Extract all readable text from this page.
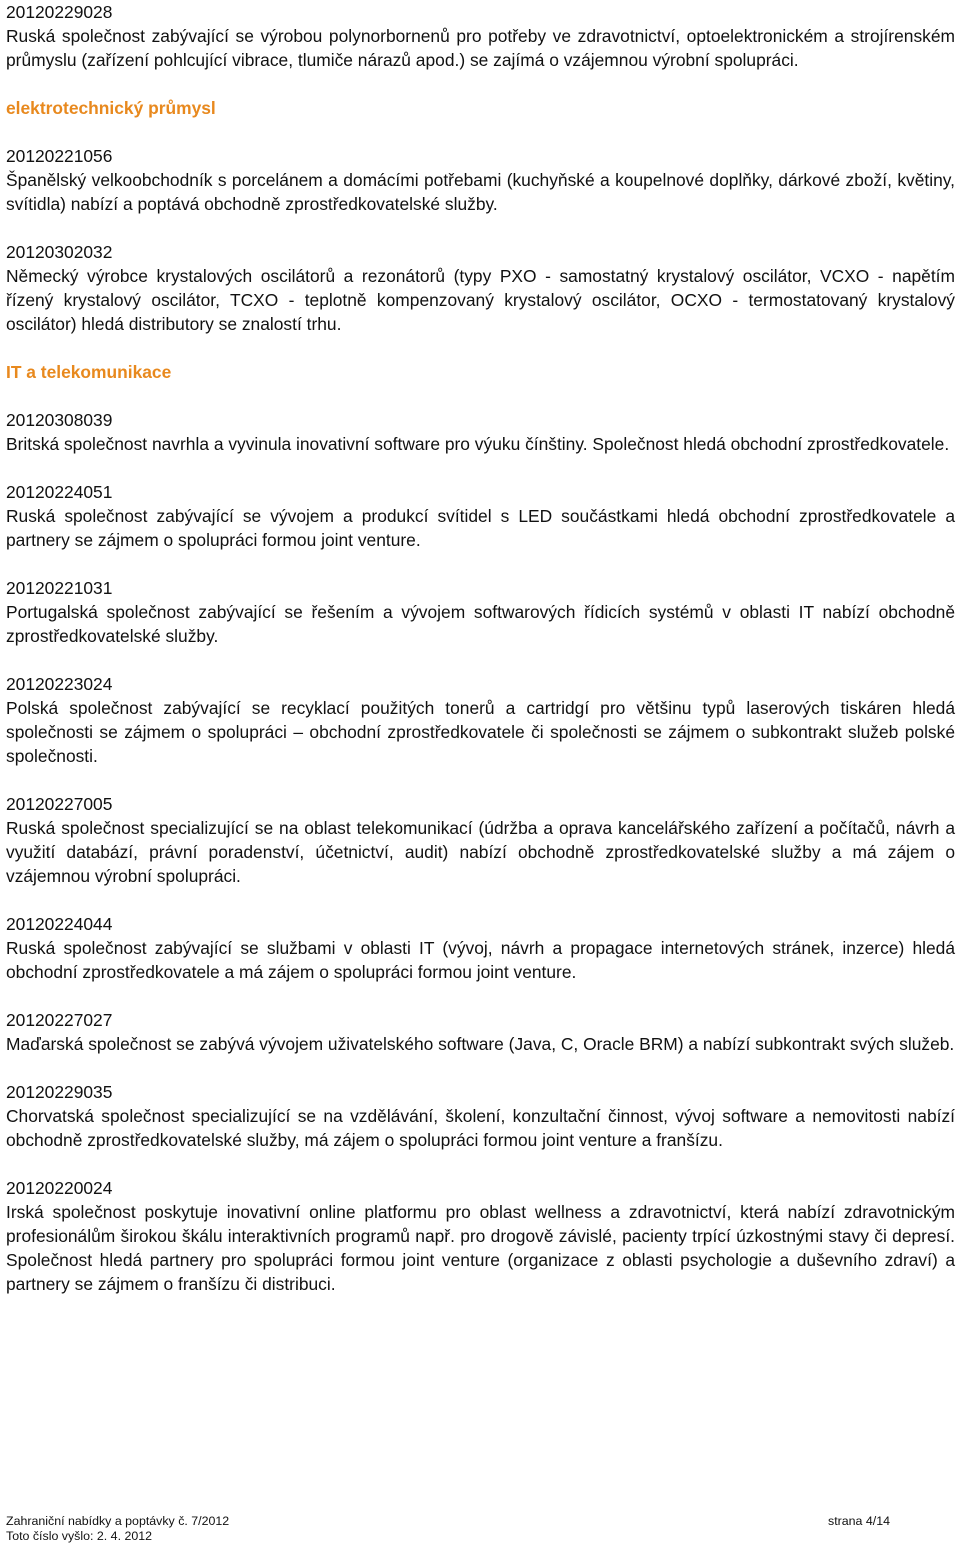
20120229028

Ruská společnost zabývající se výrobou polynorbornenů pro potřeby ve zdravotnictví, optoelektronickém a strojírenském průmyslu (zařízení pohlcující vibrace, tlumiče nárazů apod.) se zajímá o vzájemnou výrobní spolupráci.

elektrotechnický průmysl
20120221056

Španělský velkoobchodník s porcelánem a domácími potřebami (kuchyňské a koupelnové doplňky, dárkové zboží, květiny, svítidla) nabízí a poptává obchodně zprostředkovatelské služby.

20120302032

Německý výrobce krystalových oscilátorů a rezonátorů (typy PXO - samostatný krystalový oscilátor, VCXO - napětím řízený krystalový oscilátor, TCXO - teplotně kompenzovaný krystalový oscilátor, OCXO - termostatovaný krystalový oscilátor) hledá distributory se znalostí trhu.

IT a telekomunikace
20120308039

Britská společnost navrhla a vyvinula inovativní software pro výuku čínštiny. Společnost hledá obchodní zprostředkovatele.

20120224051

Ruská společnost zabývající se vývojem a produkcí svítidel s LED součástkami hledá obchodní zprostředkovatele a partnery se zájmem o spolupráci formou joint venture.

20120221031

Portugalská společnost zabývající se řešením a vývojem softwarových řídicích systémů v oblasti IT nabízí obchodně zprostředkovatelské služby.

20120223024

Polská společnost zabývající se recyklací použitých tonerů a cartridgí pro většinu typů laserových tiskáren hledá společnosti se zájmem o spolupráci – obchodní zprostředkovatele či společnosti se zájmem o subkontrakt služeb polské společnosti.

20120227005

Ruská společnost specializující se na oblast telekomunikací (údržba a oprava kancelářského zařízení a počítačů, návrh a využití databází, právní poradenství, účetnictví, audit) nabízí obchodně zprostředkovatelské služby a má zájem o vzájemnou výrobní spolupráci.

20120224044

Ruská společnost zabývající se službami v oblasti IT (vývoj, návrh a propagace internetových stránek, inzerce) hledá obchodní zprostředkovatele a má zájem o spolupráci formou joint venture.

20120227027

Maďarská společnost se zabývá vývojem uživatelského software (Java, C, Oracle BRM) a nabízí subkontrakt svých služeb.

20120229035

Chorvatská společnost specializující se na vzdělávání, školení, konzultační činnost, vývoj software a nemovitosti nabízí obchodně zprostředkovatelské služby, má zájem o spolupráci formou joint venture a franšízu.

20120220024

Irská společnost poskytuje inovativní online platformu pro oblast wellness a zdravotnictví, která nabízí zdravotnickým profesionálům širokou škálu interaktivních programů např. pro drogově závislé, pacienty trpící úzkostnými stavy či depresí. Společnost hledá partnery pro spolupráci formou joint venture (organizace z oblasti psychologie a duševního zdraví) a partnery se zájmem o franšízu či distribuci.

Zahraniční nabídky a poptávky č. 7/2012	strana 4/14
Toto číslo vyšlo: 2. 4. 2012
